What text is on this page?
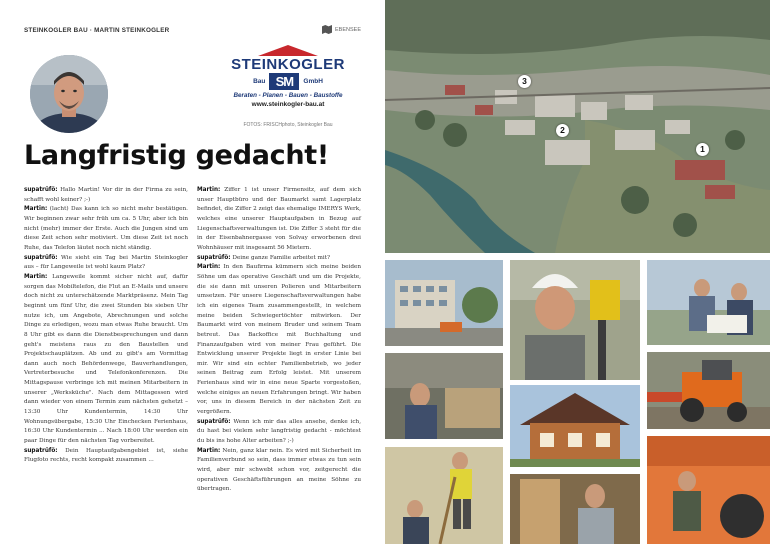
STEINKOGLER BAU · MARTIN STEINKOGLER	EBENSEE
STEINKOGLER
Bau SM	GmbH
Beraten - Planen - Bauen - Baustoffe
www.steinkogler-bau.at
FOTOS: FRISCHphoto, Steinkogler Bau
Langfristig gedacht!

supatrüfö: Hallo Martin! Vor dir in der Firma zu sein, schafft wohl keiner? ;-)

Martin: (lacht) Das kann ich so nicht mehr bestätigen. Wir beginnen zwar sehr früh um ca. 5 Uhr, aber ich bin nicht (mehr) immer der Erste. Auch die Jungen sind um diese Zeit schon sehr motiviert. Um diese Zeit ist noch Ruhe, das Telefon läutet noch nicht ständig.

supatrüfö: Wie sieht ein Tag bei Martin Steinkogler aus – für Langeweile ist wohl kaum Platz?

Martin: Langeweile kommt sicher nicht auf, dafür sorgen das Mobiltelefon, die Flut an E-Mails und unsere doch nicht zu unterschätzende Marktpräsenz. Mein Tag beginnt um fünf Uhr, die zwei Stunden bis sieben Uhr nutze ich, um Angebote, Abrechnungen und solche Dinge zu erledigen, wozu man etwas Ruhe braucht. Um 8 Uhr gibt es dann die Dienstbesprechungen und dann geht's meistens raus zu den Baustellen und Projektschauplätzen. Ab und zu gibt's am Vormittag dann auch noch Behördenwege, Bauverhandlungen, Vertreterbesuche und Telefonkonferenzen. Die Mittagspause verbringe ich mit meinen Mitarbeitern in unserer „Werksküche". Nach dem Mittagessen wird dann wieder von einem Termin zum nächsten gehetzt – 13:30 Uhr Kundentermin, 14:30 Uhr Wohnungsübergabe, 15:30 Uhr Einchecken Ferienhaus, 16:30 Uhr Kundentermin ... Nach 18:00 Uhr werden ein paar Dinge für den nächsten Tag vorbereitet.

supatrüfö: Dein Hauptaufgabengebiet ist, siehe Flugfoto rechts, recht kompakt zusammen ...

Martin: Ziffer 1 ist unser Firmensitz, auf dem sich unser Hauptbüro und der Baumarkt samt Lagerplatz befindet, die Ziffer 2 zeigt das ehemalige IMERYS Werk, welches eine unserer Hauptaufgaben in Bezug auf Liegenschaftsverwaltungen ist. Die Ziffer 3 steht für die in der Eisenbahnergasse von Solvay erworbenen drei Wohnhäuser mit insgesamt 56 Mietern.

supatrüfö: Deine ganze Familie arbeitet mit?

Martin: In den Baufirma kümmern sich meine beiden Söhne um das operative Geschäft und um die Projekte, die sie dann mit unseren Polieren und Mitarbeitern umsetzen. Für unsere Liegenschaftsverwaltungen habe ich ein eigenes Team zusammengestellt, in welchem meine beiden Schwiegertöchter mitwirken. Der Baumarkt wird von meinem Bruder und seinem Team betreut. Das Backoffice mit Buchhaltung und Finanzaufgaben wird von meiner Frau geführt. Die Entwicklung unserer Projekte liegt in erster Linie bei mir. Wir sind ein echter Familienbetrieb, wo jeder seinen Beitrag zum Erfolg leistet. Mit unserem Ferienhaus sind wir in eine neue Sparte vorgestoßen, welche einiges an neuen Erfahrungen bringt. Wir haben vor, uns in diesem Bereich in der nächsten Zeit zu vergrößern.

supatrüfö: Wenn ich mir das alles ansehe, denke ich, du hast bei vielem sehr langfristig gedacht - möchtest du bis ins hohe Alter arbeiten? ;-)

Martin: Nein, ganz klar nein. Es wird mit Sicherheit im Familienverbund so sein, dass immer etwas zu tun sein wird, aber mir schwebt schon vor, zeitgerecht die operativen Geschäftsführungen an meine Söhne zu übertragen.

1
2
3
